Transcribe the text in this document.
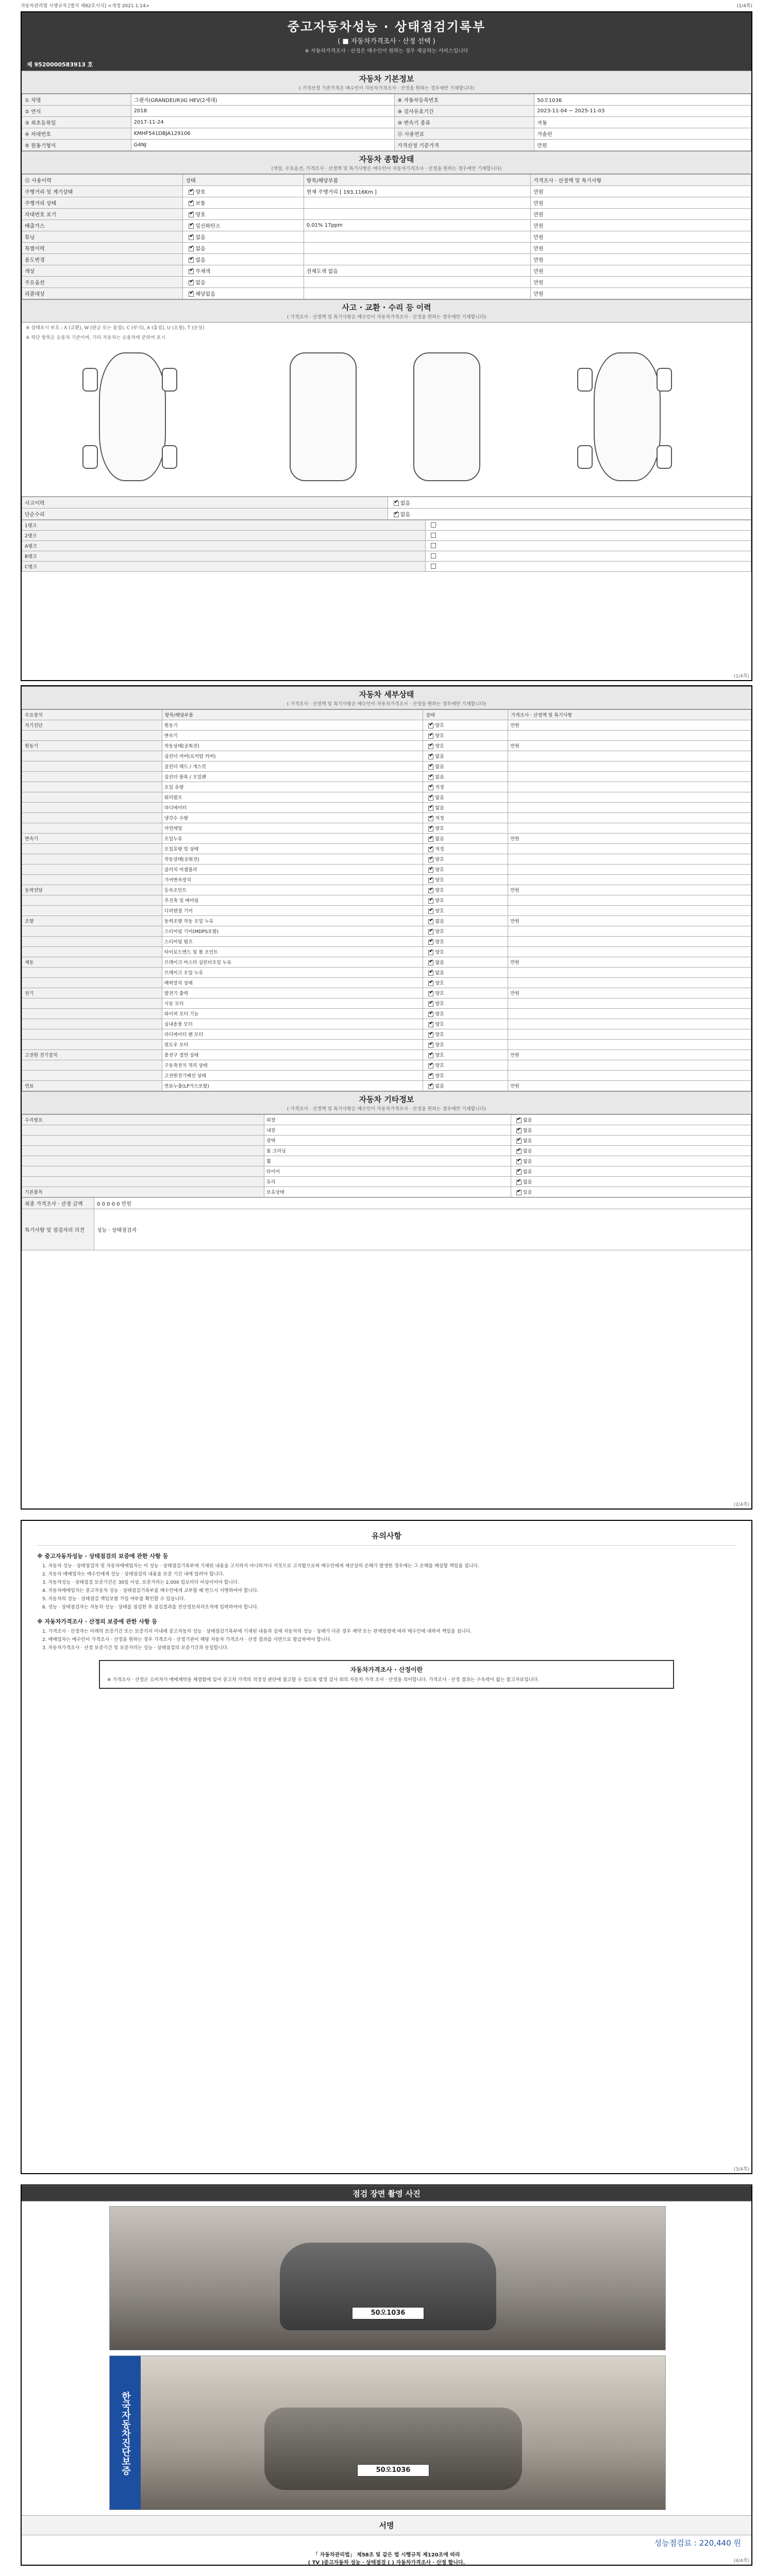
자동차관리법 시행규칙 [별지 제82호서식] <개정 2021.1.14>	(1/4쪽)
중고자동차성능 · 상태점검기록부
( ■ 자동차가격조사 · 산정 선택 )
※ 자동차가격조사 · 산정은 매수인이 원하는 경우 제공하는 서비스입니다
제 9520000583913 호
자동차 기본정보
( 가격산정 기준가격은 매수인이 자동차가격조사 · 산정을 원하는 경우에만 기재합니다)
① 차명	그랜저(GRANDEUR)IG HEV(2세대)	⑧ 자동차등록번호	50오1036
② 연식	2018	⑨ 검사유효기간	2023-11-04 ~ 2025-11-03
③ 최초등록일	2017-11-24	⑩ 변속기 종류	자동
④ 차대번호	KMHF541DBJA129106	⑪ 사용연료	가솔린
⑤ 원동기형식	G4NJ	가격산정 기준가격	만원
자동차 종합상태
(색상, 주요옵션, 가격조사 · 산정액 및 특기사항은 매수인이 자동차가격조사 · 산정을 원하는 경우에만 기재합니다)
⑫ 사용이력	상태	항목/해당부품	가격조사 · 산정액 및 특기사항
주행거리 및 계기상태	✔양호	현재 주행거리 [ 193,116Km ]	만원
주행거리 상태	✔보통		만원
차대번호 표기	✔양호		만원
배출가스	✔일산화탄소	0.01% 17ppm	만원
튜닝	✔없음		만원
특별이력	✔없음		만원
용도변경	✔없음		만원
색상	✔무채색	전체도색 없음	만원
주요옵션	✔없음		만원
리콜대상	✔해당없음		만원
사고 · 교환 · 수리 등 이력
( 가격조사 · 산정액 및 특기사항은 매수인이 자동차가격조사 · 산정을 원하는 경우에만 기재합니다)
※ 상태표시 부호 : X (교환), W (판금 또는 용접), C (부식), A (흠집), U (요철), T (손상)
※ 하단 항목은 승용차 기준이며, 기타 자동차는 승용차에 준하여 표시
사고이력	✔없음
단순수리	✔없음
1랭크	
2랭크	
A랭크	
B랭크	
C랭크	
(1/4쪽)
자동차 세부상태
( 가격조사 · 산정액 및 특기사항은 매수인이 자동차가격조사 · 산정을 원하는 경우에만 기재합니다)
주요장치	항목/해당부품	상태	가격조사 · 산정액 및 특기사항
자기진단	원동기	✔양호	만원
	변속기	✔양호	
원동기	작동상태(공회전)	✔양호	만원
	실린더 커버(로커암 커버)	✔없음	
	실린더 헤드 / 개스킷	✔없음	
	실린더 블록 / 오일팬	✔없음	
	오일 유량	✔적정	
	워터펌프	✔없음	
	라디에이터	✔없음	
	냉각수 수량	✔적정	
	커먼레일	✔양호	
변속기	오일누유	✔없음	만원
	오일유량 및 상태	✔적정	
	작동상태(공회전)	✔양호	
	클러치 어셈블리	✔양호	
	기어변속장치	✔양호	
동력전달	등속조인트	✔양호	만원
	추진축 및 베어링	✔양호	
	디퍼렌셜 기어	✔양호	
조향	동력조향 작동 오일 누유	✔없음	만원
	스티어링 기어(MDPS포함)	✔양호	
	스티어링 펌프	✔양호	
	타이로드엔드 및 볼 조인트	✔양호	
제동	브레이크 마스터 실린더오일 누유	✔없음	만원
	브레이크 오일 누유	✔없음	
	배력장치 상태	✔양호	
전기	발전기 출력	✔양호	만원
	시동 모터	✔양호	
	와이퍼 모터 기능	✔양호	
	실내송풍 모터	✔양호	
	라디에이터 팬 모터	✔양호	
	윈도우 모터	✔양호	
고전원 전기장치	충전구 절연 상태	✔양호	만원
	구동축전지 격리 상태	✔양호	
	고전원전기배선 상태	✔양호	
연료	연료누출(LP가스포함)	✔없음	만원
자동차 기타정보
( 가격조사 · 산정액 및 특기사항은 매수인이 자동차가격조사 · 산정을 원하는 경우에만 기재합니다)
수리필요	외장	✔없음
	내장	✔없음
	광택	✔없음
	룸 크리닝	✔없음
	휠	✔없음
	타이어	✔없음
	유리	✔없음
기본품목	보유상태	✔있음
최종 가격조사 · 산정 금액	0 0 0 0 0 만원
특기사항 및 점검자의 의견	성능 · 상태점검자
(2/4쪽)
유의사항
※ 중고자동차성능 · 상태점검의 보증에 관한 사항 등

1. 자동차 성능 · 상태점검자 및 자동차매매업자는 이 성능 · 상태점검기록부에 기재된 내용을 고지하지 아니하거나 거짓으로 고지함으로써 매수인에게 재산상의 손해가 발생한 경우에는 그 손해를 배상할 책임을 집니다.

2. 자동차 매매업자는 매수인에게 성능 · 상태점검의 내용을 보증 기간 내에 알려야 합니다.

3. 자동차성능 · 상태점검 보증기간은 30일 이상, 보증거리는 2,000 킬로미터 이상이어야 합니다.

4. 자동차매매업자는 중고자동차 성능 · 상태점검기록부를 매수인에게 교부할 때 반드시 서명하여야 합니다.

5. 자동차의 성능 · 상태점검 책임보험 가입 여부를 확인할 수 있습니다.

6. 성능 · 상태점검자는 자동차 성능 · 상태를 점검한 후 점검결과를 전산정보처리조직에 입력하여야 합니다.

※ 자동차가격조사 · 산정의 보증에 관한 사항 등

1. 가격조사 · 산정자는 아래의 보증기간 또는 보증거리 이내에 중고자동차 성능 · 상태점검기록부에 기재된 내용과 실제 자동차의 성능 · 상태가 다른 경우 계약 또는 관계법령에 따라 매수인에 대하여 책임을 집니다.

2. 매매업자는 매수인이 가격조사 · 산정을 원하는 경우 가격조사 · 산정기관이 해당 자동차 가격조사 · 산정 결과를 서면으로 발급하여야 합니다.

3. 자동차가격조사 · 산정 보증기간 및 보증거리는 성능 · 상태점검의 보증기간과 동일합니다.

자동차가격조사 · 산정이란

※ 가격조사 · 산정은 소비자가 매매계약을 체결함에 있어 중고차 가격의 적정성 판단에 참고할 수 있도록 법정 검사 외의 자동차 가격 조사 · 산정을 의미합니다. 가격조사 · 산정 결과는 구속력이 없는 참고자료입니다.

(3/4쪽)
점검 장면 촬영 사진
50오1036
한국자동차진단보증	50오1036
서명
성능점검료 : 220,440 원
「 자동차관리법」 제58조 및 같은 법 시행규칙 제120조에 따라
( TV )중고자동차 성능 · 상태점검 ( ) 자동차가격조사 · 산정 합니다.	(4/4쪽)
